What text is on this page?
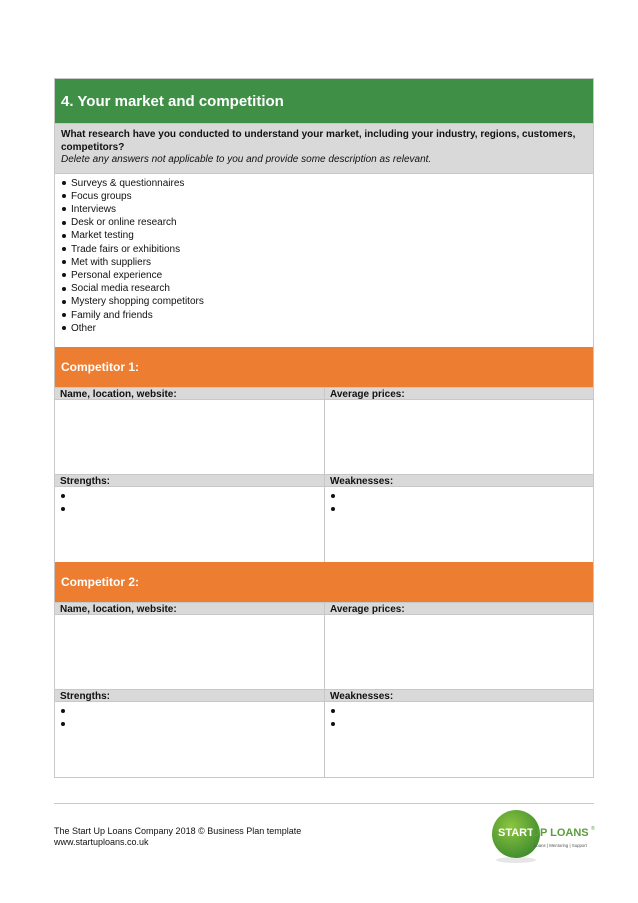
4. Your market and competition
What research have you conducted to understand your market, including your industry, regions, customers, competitors?
Delete any answers not applicable to you and provide some description as relevant.
Surveys & questionnaires
Focus groups
Interviews
Desk or online research
Market testing
Trade fairs or exhibitions
Met with suppliers
Personal experience
Social media research
Mystery shopping competitors
Family and friends
Other
Competitor 1:
Name, location, website:	Average prices:
Strengths:	Weaknesses:

Competitor 2:
Name, location, website:	Average prices:
Strengths:	Weaknesses:

The Start Up Loans Company 2018 © Business Plan template
www.startuploans.co.uk
START
UP LOANS ®
Loans | Mentoring | Support
